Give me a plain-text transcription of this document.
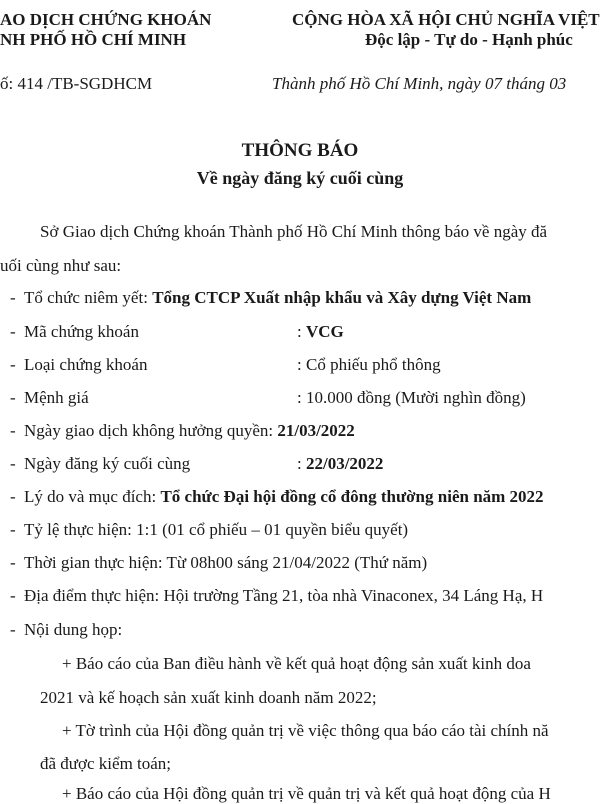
AO DỊCH CHỨNG KHOÁN
NH PHỐ HỒ CHÍ MINH
CỘNG HÒA XÃ HỘI CHỦ NGHĨA VIỆT
Độc lập - Tự do - Hạnh phúc
ố: 414 /TB-SGDHCM	Thành phố Hồ Chí Minh, ngày 07 tháng 03
THÔNG BÁO
Về ngày đăng ký cuối cùng
Sở Giao dịch Chứng khoán Thành phố Hồ Chí Minh thông báo về ngày đă
uối cùng như sau:
- Tổ chức niêm yết: Tổng CTCP Xuất nhập khẩu và Xây dựng Việt Nam
- Mã chứng khoán	: VCG
- Loại chứng khoán	: Cổ phiếu phổ thông
- Mệnh giá	: 10.000 đồng (Mười nghìn đồng)
- Ngày giao dịch không hưởng quyền: 21/03/2022
- Ngày đăng ký cuối cùng	: 22/03/2022
- Lý do và mục đích: Tổ chức Đại hội đồng cổ đông thường niên năm 2022
- Tỷ lệ thực hiện: 1:1 (01 cổ phiếu – 01 quyền biểu quyết)
- Thời gian thực hiện: Từ 08h00 sáng 21/04/2022 (Thứ năm)
- Địa điểm thực hiện: Hội trường Tầng 21, tòa nhà Vinaconex, 34 Láng Hạ, H
- Nội dung họp:
+ Báo cáo của Ban điều hành về kết quả hoạt động sản xuất kinh doa
2021 và kế hoạch sản xuất kinh doanh năm 2022;
+ Tờ trình của Hội đồng quản trị về việc thông qua báo cáo tài chính nă
đã được kiểm toán;
+ Báo cáo của Hội đồng quản trị về quản trị và kết quả hoạt động của H
